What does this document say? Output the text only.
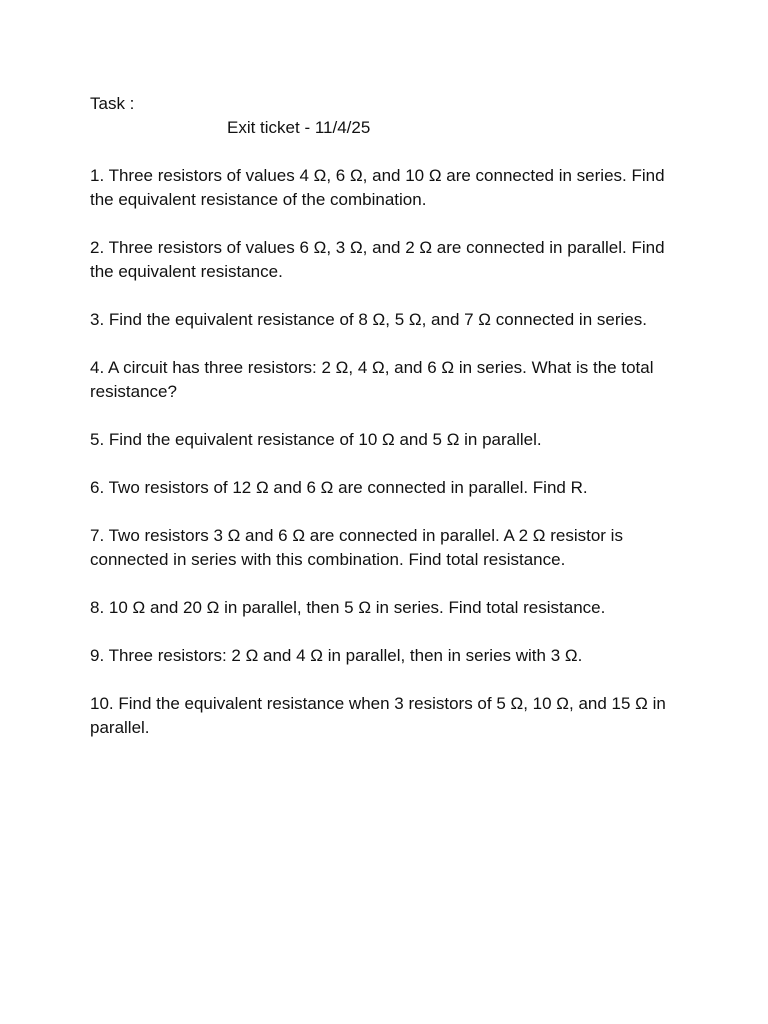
Task :

Exit ticket - 11/4/25

1. Three resistors of values 4 Ω, 6 Ω, and 10 Ω are connected in series. Find the equivalent resistance of the combination.

2. Three resistors of values 6 Ω, 3 Ω, and 2 Ω are connected in parallel. Find the equivalent resistance.

3. Find the equivalent resistance of 8 Ω, 5 Ω, and 7 Ω connected in series.

4. A circuit has three resistors: 2 Ω, 4 Ω, and 6 Ω in series. What is the total resistance?

5. Find the equivalent resistance of 10 Ω and 5 Ω in parallel.

6. Two resistors of 12 Ω and 6 Ω are connected in parallel. Find R.

7. Two resistors 3 Ω and 6 Ω are connected in parallel. A 2 Ω resistor is connected in series with this combination. Find total resistance.

8. 10 Ω and 20 Ω in parallel, then 5 Ω in series. Find total resistance.

9. Three resistors: 2 Ω and 4 Ω in parallel, then in series with 3 Ω.

10. Find the equivalent resistance when 3 resistors of 5 Ω, 10 Ω, and 15 Ω in parallel.
